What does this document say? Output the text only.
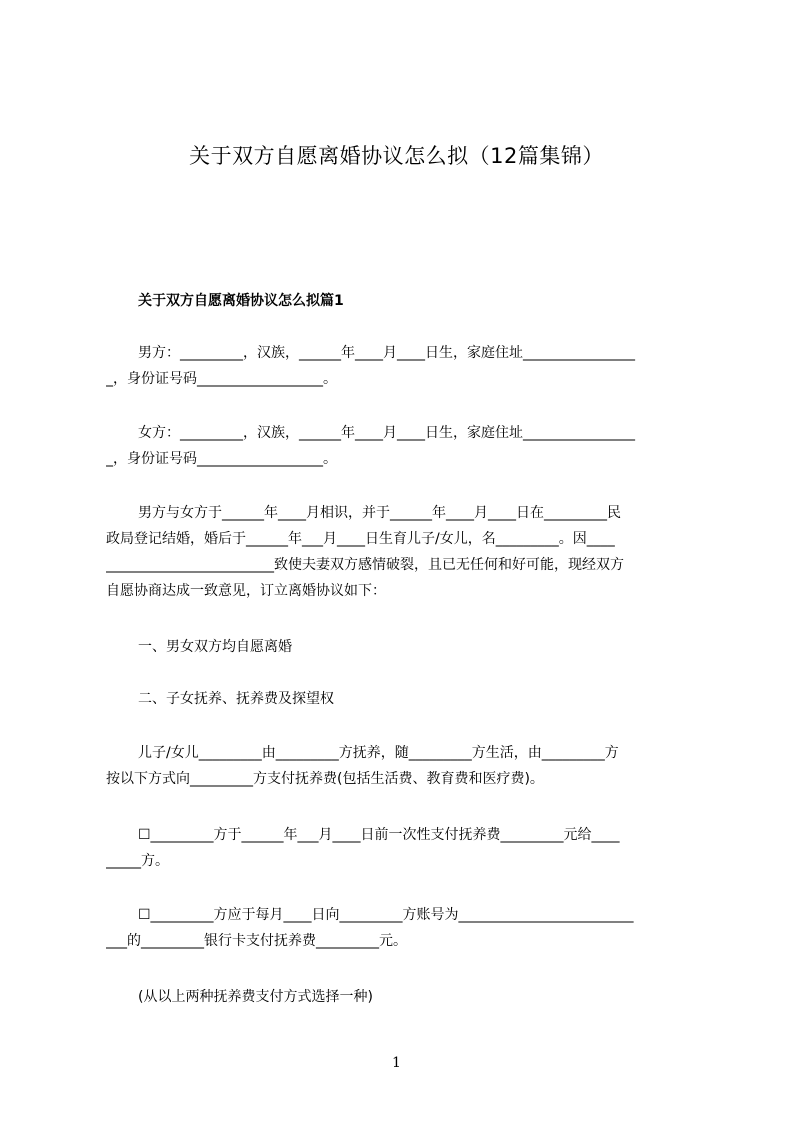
关于双方自愿离婚协议怎么拟（12篇集锦）
关于双方自愿离婚协议怎么拟篇1
男方：_________，汉族，______年____月____日生，家庭住址________________
_，身份证号码__________________。
女方：_________，汉族，______年____月____日生，家庭住址________________
_，身份证号码__________________。
男方与女方于______年____月相识，并于______年____月____日在_________民
政局登记结婚，婚后于______年___月____日生育儿子/女儿，名_________。因____
________________________致使夫妻双方感情破裂，且已无任何和好可能，现经双方
自愿协商达成一致意见，订立离婚协议如下：
一、男女双方均自愿离婚
二、子女抚养、抚养费及探望权
儿子/女儿_________由_________方抚养，随_________方生活，由_________方
按以下方式向_________方支付抚养费(包括生活费、教育费和医疗费)。
☐_________方于______年___月____日前一次性支付抚养费_________元给____
_____方。
☐_________方应于每月____日向_________方账号为_________________________
___的_________银行卡支付抚养费_________元。
(从以上两种抚养费支付方式选择一种)
1
